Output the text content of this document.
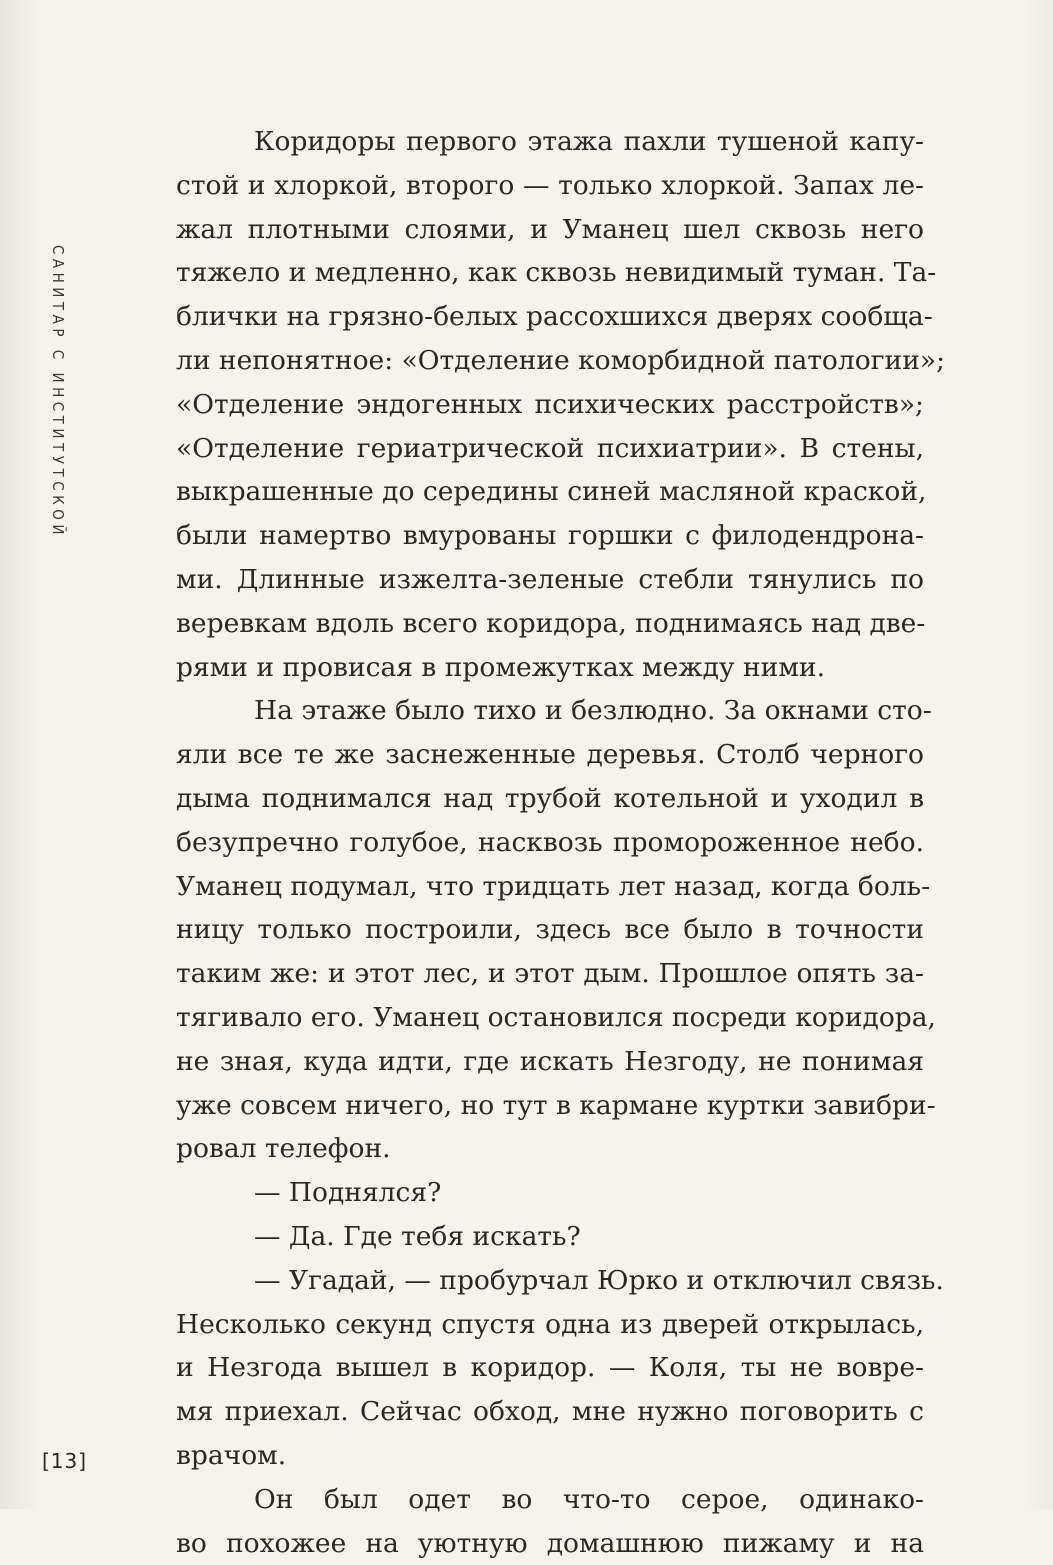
САНИТАР С ИНСТИТУТСКОЙ
Коридоры первого этажа пахли тушеной капу-
стой и хлоркой, второго — только хлоркой. Запах ле-
жал плотными слоями, и Уманец шел сквозь него
тяжело и медленно, как сквозь невидимый туман. Та-
блички на грязно-белых рассохшихся дверях сообща-
ли непонятное: «Отделение коморбидной патологии»;
«Отделение эндогенных психических расстройств»;
«Отделение гериатрической психиатрии». В стены,
выкрашенные до середины синей масляной краской,
были намертво вмурованы горшки с филодендрона-
ми. Длинные изжелта-зеленые стебли тянулись по
веревкам вдоль всего коридора, поднимаясь над две-
рями и провисая в промежутках между ними.
На этаже было тихо и безлюдно. За окнами сто-
яли все те же заснеженные деревья. Столб черного
дыма поднимался над трубой котельной и уходил в
безупречно голубое, насквозь промороженное небо.
Уманец подумал, что тридцать лет назад, когда боль-
ницу только построили, здесь все было в точности
таким же: и этот лес, и этот дым. Прошлое опять за-
тягивало его. Уманец остановился посреди коридора,
не зная, куда идти, где искать Незгоду, не понимая
уже совсем ничего, но тут в кармане куртки завибри-
ровал телефон.
— Поднялся?
— Да. Где тебя искать?
— Угадай, — пробурчал Юрко и отключил связь.
Несколько секунд спустя одна из дверей открылась,
и Незгода вышел в коридор. — Коля, ты не вовре-
мя приехал. Сейчас обход, мне нужно поговорить с
врачом.
Он был одет во что-то серое, одинако-
во похожее на уютную домашнюю пижаму и на
[13]
